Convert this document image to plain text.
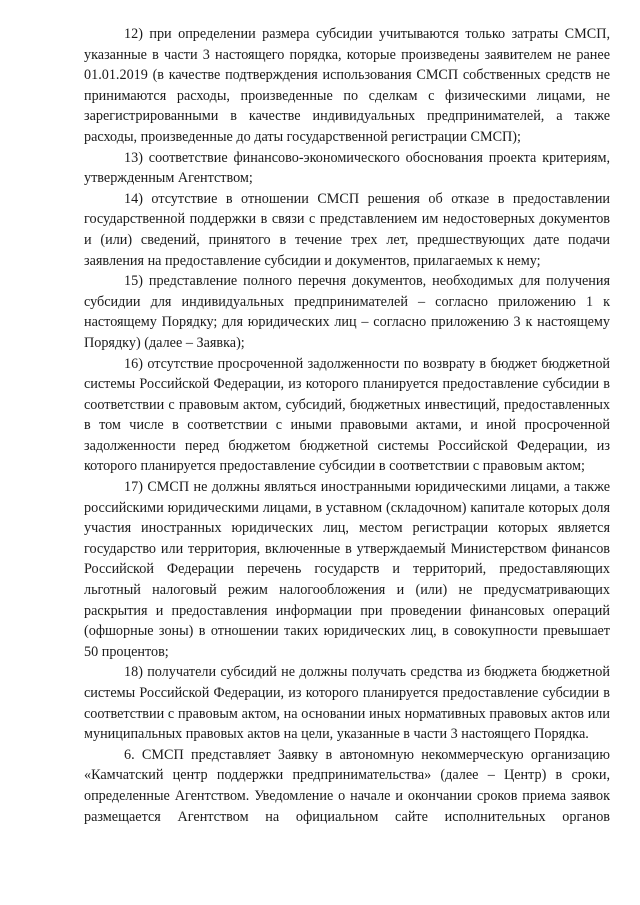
12) при определении размера субсидии учитываются только затраты СМСП, указанные в части 3 настоящего порядка, которые произведены заявителем не ранее 01.01.2019 (в качестве подтверждения использования СМСП собственных средств не принимаются расходы, произведенные по сделкам с физическими лицами, не зарегистрированными в качестве индивидуальных предпринимателей, а также расходы, произведенные до даты государственной регистрации СМСП);

13) соответствие финансово-экономического обоснования проекта критериям, утвержденным Агентством;

14) отсутствие в отношении СМСП решения об отказе в предоставлении государственной поддержки в связи с представлением им недостоверных документов и (или) сведений, принятого в течение трех лет, предшествующих дате подачи заявления на предоставление субсидии и документов, прилагаемых к нему;

15) представление полного перечня документов, необходимых для получения субсидии для индивидуальных предпринимателей – согласно приложению 1 к настоящему Порядку; для юридических лиц – согласно приложению 3 к настоящему Порядку) (далее – Заявка);

16) отсутствие просроченной задолженности по возврату в бюджет бюджетной системы Российской Федерации, из которого планируется предоставление субсидии в соответствии с правовым актом, субсидий, бюджетных инвестиций, предоставленных в том числе в соответствии с иными правовыми актами, и иной просроченной задолженности перед бюджетом бюджетной системы Российской Федерации, из которого планируется предоставление субсидии в соответствии с правовым актом;

17) СМСП не должны являться иностранными юридическими лицами, а также российскими юридическими лицами, в уставном (складочном) капитале которых доля участия иностранных юридических лиц, местом регистрации которых является государство или территория, включенные в утверждаемый Министерством финансов Российской Федерации перечень государств и территорий, предоставляющих льготный налоговый режим налогообложения и (или) не предусматривающих раскрытия и предоставления информации при проведении финансовых операций (офшорные зоны) в отношении таких юридических лиц, в совокупности превышает 50 процентов;

18) получатели субсидий не должны получать средства из бюджета бюджетной системы Российской Федерации, из которого планируется предоставление субсидии в соответствии с правовым актом, на основании иных нормативных правовых актов или муниципальных правовых актов на цели, указанные в части 3 настоящего Порядка.

6. СМСП представляет Заявку в автономную некоммерческую организацию «Камчатский центр поддержки предпринимательства» (далее – Центр) в сроки, определенные Агентством. Уведомление о начале и окончании сроков приема заявок размещается Агентством на официальном сайте исполнительных органов
